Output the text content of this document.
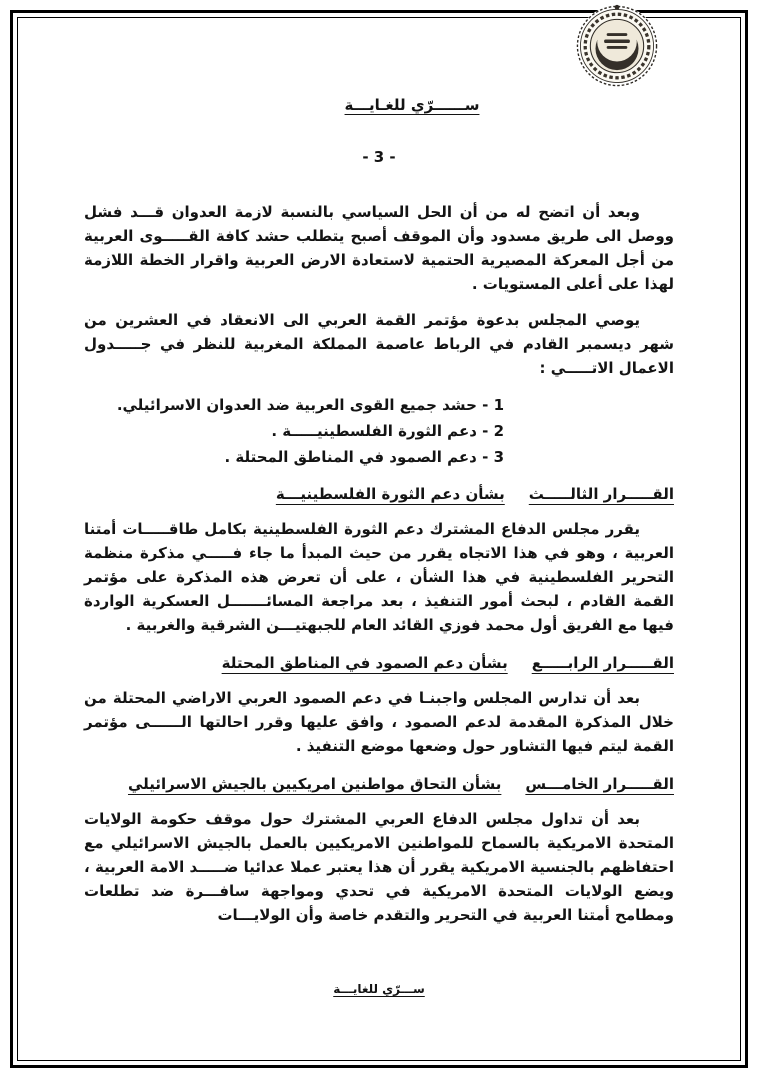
ســــــرّي للغـايـــة
- 3 -

وبعد أن اتضح له من أن الحل السياسي بالنسبة لازمة العدوان قـــد فشل ووصل الى طريق مسدود وأن الموقف أصبح يتطلب حشد كافة القـــــوى العربية من أجل المعركة المصيرية الحتمية لاستعادة الارض العربية واقرار الخطة اللازمة لهذا على أعلى المستويات .

يوصي المجلس بدعوة مؤتمر القمة العربي الى الانعقاد في العشرين من شهر ديسمبر القادم في الرباط عاصمة المملكة المغربية للنظر في جـــــدول الاعمال الاتـــــي :

1 - حشد جميع القوى العربية ضد العدوان الاسرائيلي.
2 - دعم الثورة الفلسطينيـــــة .
3 - دعم الصمود في المناطق المحتلة .
القـــــرار الثالـــــثبشأن دعم الثورة الفلسطينيـــة

يقرر مجلس الدفاع المشترك دعم الثورة الفلسطينية بكامل طاقـــــات أمتنا العربية ، وهو في هذا الاتجاه يقرر من حيث المبدأ ما جاء فـــــي مذكرة منظمة التحرير الفلسطينية في هذا الشأن ، على أن تعرض هذه المذكرة على مؤتمر القمة القادم ، لبحث أمور التنفيذ ، بعد مراجعة المسائـــــــل العسكرية الواردة فيها مع الفريق أول محمد فوزي القائد العام للجبهتيـــن الشرقية والغربية .

القـــــرار الرابـــــعبشأن دعم الصمود في المناطق المحتلة

بعد أن تدارس المجلس واجبنـا في دعم الصمود العربي الاراضي المحتلة من خلال المذكرة المقدمة لدعم الصمود ، وافق عليها وقرر احالتها الــــــى مؤتمر القمة ليتم فيها التشاور حول وضعها موضع التنفيذ .

القـــــرار الخامـــسبشأن التحاق مواطنين امريكيين بالجيش الاسرائيلي

بعد أن تداول مجلس الدفاع العربي المشترك حول موقف حكومة الولايات المتحدة الامريكية بالسماح للمواطنين الامريكيين بالعمل بالجيش الاسرائيلي مع احتفاظهم بالجنسية الامريكية يقرر أن هذا يعتبر عملا عدائيا ضـــــد الامة العربية ، ويضع الولايات المتحدة الامريكية في تحدي ومواجهة سافـــرة ضد تطلعات ومطامح أمتنا العربية في التحرير والتقدم خاصة وأن الولايـــات

ســـرّي للغايـــة
